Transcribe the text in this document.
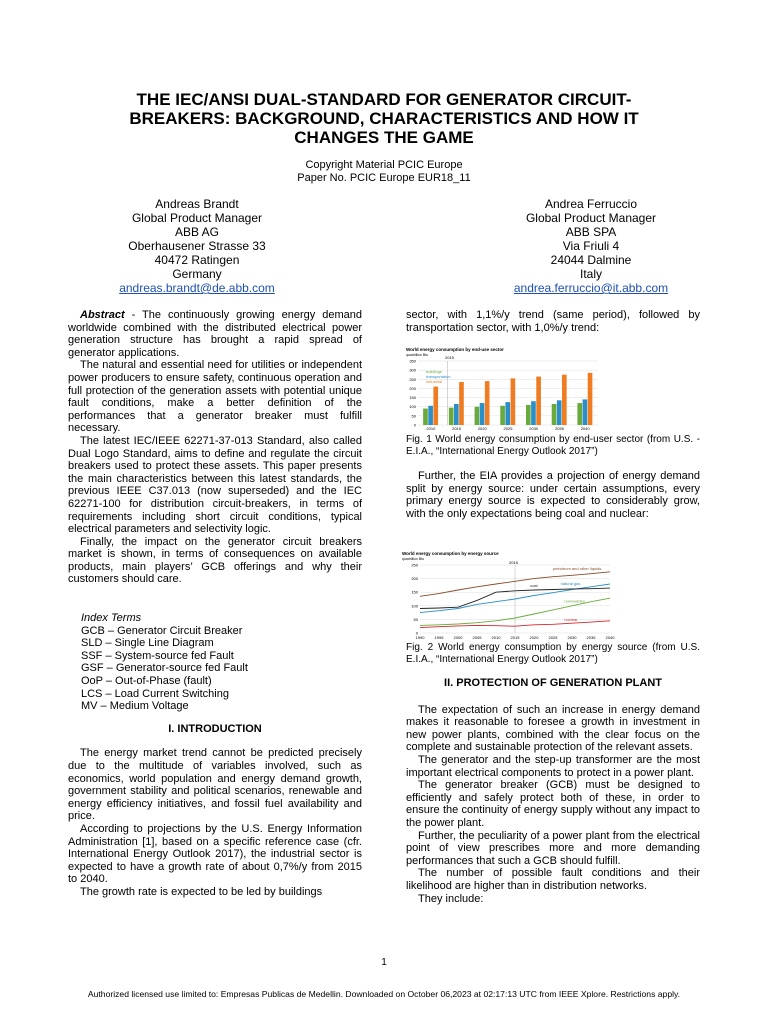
THE IEC/ANSI DUAL-STANDARD FOR GENERATOR CIRCUIT-BREAKERS: BACKGROUND, CHARACTERISTICS AND HOW IT CHANGES THE GAME
Copyright Material PCIC Europe
Paper No. PCIC Europe EUR18_11
Andreas Brandt
Global Product Manager
ABB AG
Oberhausener Strasse 33
40472 Ratingen
Germany
andreas.brandt@de.abb.com
Andrea Ferruccio
Global Product Manager
ABB SPA
Via Friuli 4
24044 Dalmine
Italy
andrea.ferruccio@it.abb.com

Abstract - The continuously growing energy demand worldwide combined with the distributed electrical power generation structure has brought a rapid spread of generator applications.

The natural and essential need for utilities or independent power producers to ensure safety, continuous operation and full protection of the generation assets with potential unique fault conditions, make a better definition of the performances that a generator breaker must fulfill necessary.

The latest IEC/IEEE 62271-37-013 Standard, also called Dual Logo Standard, aims to define and regulate the circuit breakers used to protect these assets. This paper presents the main characteristics between this latest standards, the previous IEEE C37.013 (now superseded) and the IEC 62271-100 for distribution circuit-breakers, in terms of requirements including short circuit conditions, typical electrical parameters and selectivity logic.

Finally, the impact on the generator circuit breakers market is shown, in terms of consequences on available products, main players’ GCB offerings and why their customers should care.

Index Terms

GCB – Generator Circuit Breaker
SLD – Single Line Diagram
SSF – System-source fed Fault
GSF – Generator-source fed Fault
OoP – Out-of-Phase (fault)
LCS – Load Current Switching
MV – Medium Voltage

I. INTRODUCTION

The energy market trend cannot be predicted precisely due to the multitude of variables involved, such as economics, world population and energy demand growth, government stability and political scenarios, renewable and energy efficiency initiatives, and fossil fuel availability and price.

According to projections by the U.S. Energy Information Administration [1], based on a specific reference case (cfr. International Energy Outlook 2017), the industrial sector is expected to have a growth rate of about 0,7%/y from 2015 to 2040.

The growth rate is expected to be led by buildings

sector, with 1,1%/y trend (same period), followed by transportation sector, with 1,0%/y trend:

World energy consumption by end-use sector
quadrillion Btu
0
50
100
150
200
250
300
350
2010	2015	2020	2025	2030	2035	2040
2015
buildings
transportation
industrial
Fig. 1 World energy consumption by end-user sector (from U.S. - E.I.A., “International Energy Outlook 2017”)

Further, the EIA provides a projection of energy demand split by energy source: under certain assumptions, every primary energy source is expected to considerably grow, with the only expectations being coal and nuclear:

World energy consumption by energy source
quadrillion Btu
0
50
100
150
200
250
1990	1995	2000	2005	2010	2015	2020	2025	2030	2035	2040
2015
petroleum and other liquids
natural gas
coal
renewables
nuclear
Fig. 2 World energy consumption by energy source (from U.S. E.I.A., “International Energy Outlook 2017”)

II. PROTECTION OF GENERATION PLANT

The expectation of such an increase in energy demand makes it reasonable to foresee a growth in investment in new power plants, combined with the clear focus on the complete and sustainable protection of the relevant assets.

The generator and the step-up transformer are the most important electrical components to protect in a power plant.

The generator breaker (GCB) must be designed to efficiently and safely protect both of these, in order to ensure the continuity of energy supply without any impact to the power plant.

Further, the peculiarity of a power plant from the electrical point of view prescribes more and more demanding performances that such a GCB should fulfill.

The number of possible fault conditions and their likelihood are higher than in distribution networks.

They include:

1
Authorized licensed use limited to: Empresas Publicas de Medellin. Downloaded on October 06,2023 at 02:17:13 UTC from IEEE Xplore. Restrictions apply.
